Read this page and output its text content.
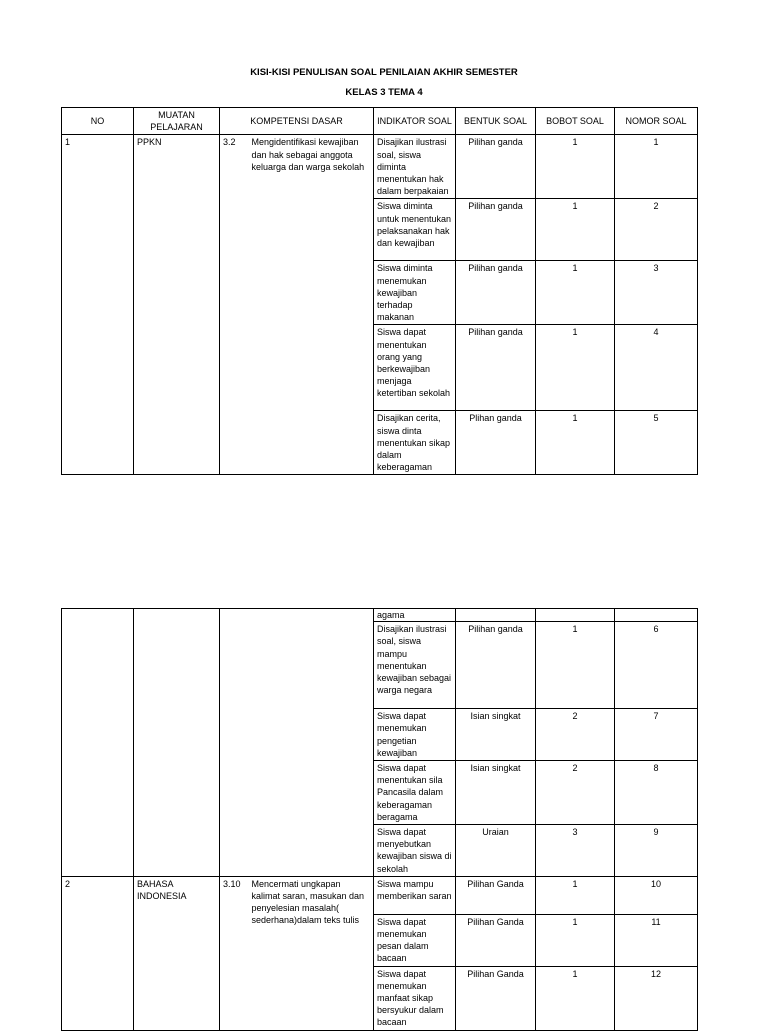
KISI-KISI PENULISAN SOAL PENILAIAN AKHIR SEMESTER
KELAS 3 TEMA 4
NO	MUATAN PELAJARAN	KOMPETENSI DASAR		INDIKATOR SOAL	BENTUK SOAL	BOBOT SOAL	NOMOR SOAL
1	PPKN	3.2	Mengidentifikasi kewajiban dan hak sebagai anggota keluarga dan warga sekolah	Disajikan ilustrasi soal, siswa diminta menentukan hak dalam berpakaian	Pilihan ganda	1	1
				Siswa diminta untuk menentukan pelaksanakan hak dan kewajiban	Pilihan ganda	1	2
				Siswa diminta menemukan kewajiban terhadap makanan	Pilihan ganda	1	3
				Siswa dapat menentukan orang yang berkewajiban menjaga ketertiban sekolah	Pilihan ganda	1	4
				Disajikan cerita, siswa dinta menentukan sikap dalam keberagaman	Plihan ganda	1	5
				agama			
				Disajikan ilustrasi soal, siswa mampu menentukan kewajiban sebagai warga negara	Pilihan ganda	1	6
				Siswa dapat menemukan pengetian kewajiban	Isian singkat	2	7
				Siswa dapat menentukan sila Pancasila dalam keberagaman beragama	Isian singkat	2	8
				Siswa dapat menyebutkan kewajiban siswa di sekolah	Uraian	3	9
2	BAHASA INDONESIA	3.10	Mencermati ungkapan kalimat saran, masukan dan penyelesian masalah( sederhana)dalam teks tulis	Siswa mampu memberikan saran	Pilihan Ganda	1	10
				Siswa dapat menemukan pesan dalam bacaan	Pilihan Ganda	1	11
				Siswa dapat menemukan manfaat sikap bersyukur dalam bacaan	Pilihan Ganda	1	12
